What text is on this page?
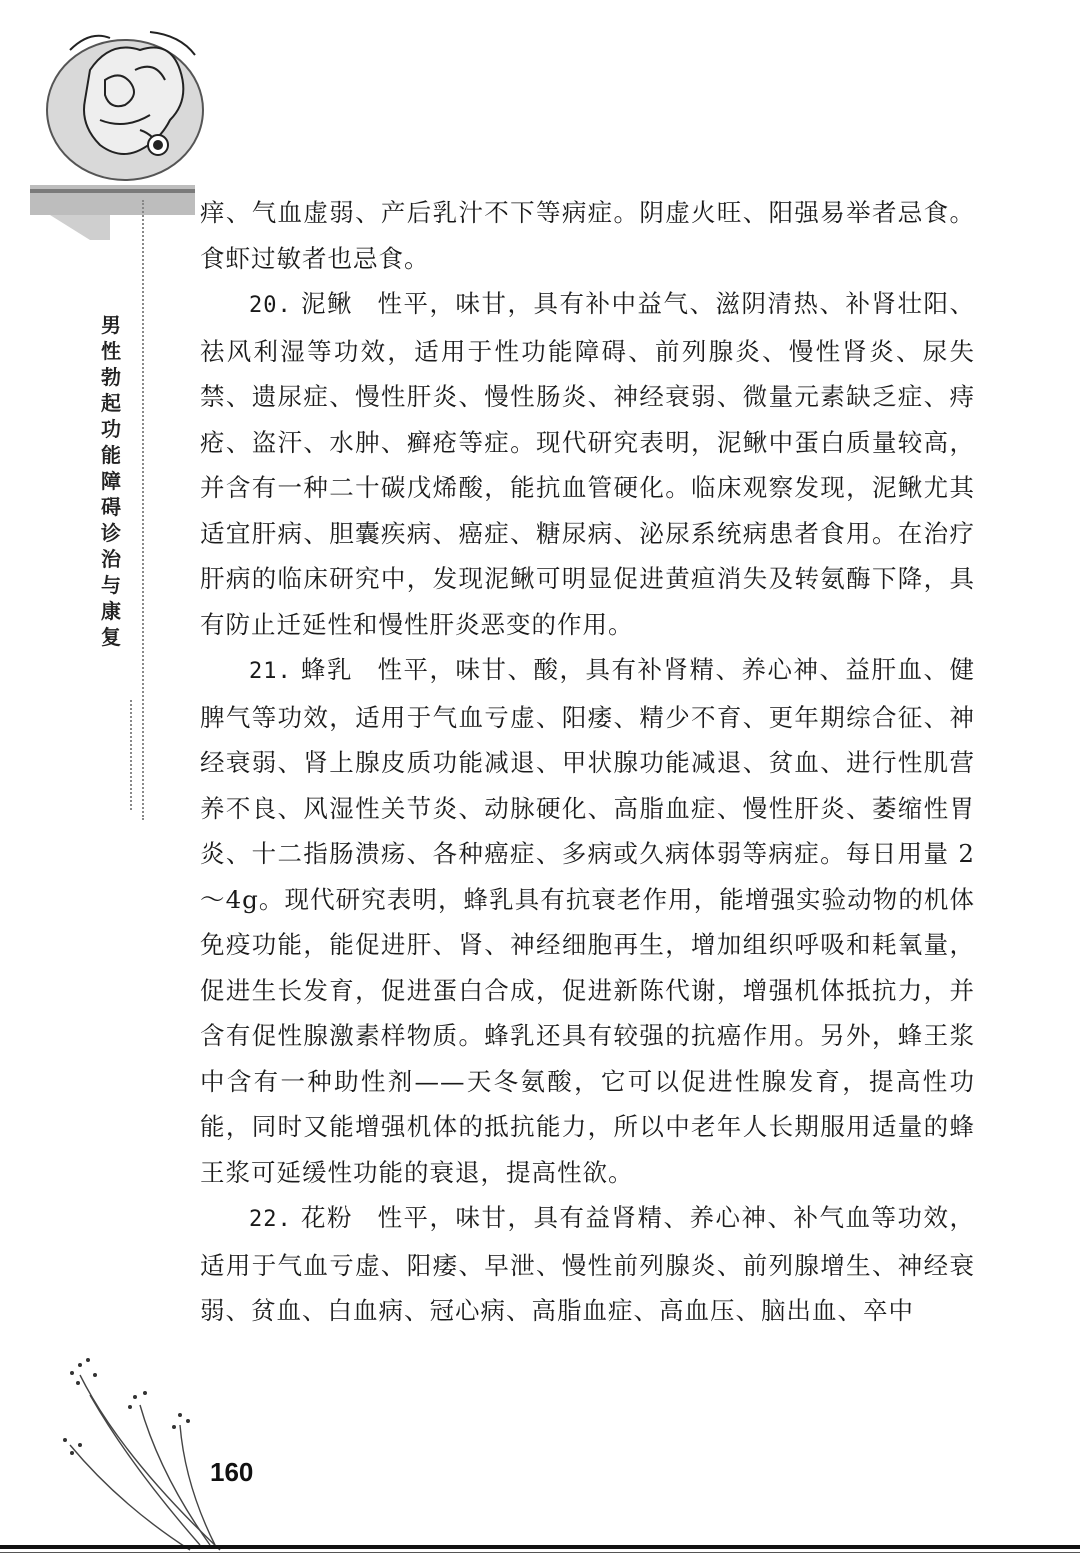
男性勃起功能障碍诊治与康复

痒、气血虚弱、产后乳汁不下等病症。阴虚火旺、阳强易举者忌食。食虾过敏者也忌食。

20. 泥鳅 性平，味甘，具有补中益气、滋阴清热、补肾壮阳、祛风利湿等功效，适用于性功能障碍、前列腺炎、慢性肾炎、尿失禁、遗尿症、慢性肝炎、慢性肠炎、神经衰弱、微量元素缺乏症、痔疮、盗汗、水肿、癣疮等症。现代研究表明，泥鳅中蛋白质量较高，并含有一种二十碳戊烯酸，能抗血管硬化。临床观察发现，泥鳅尤其适宜肝病、胆囊疾病、癌症、糖尿病、泌尿系统病患者食用。在治疗肝病的临床研究中，发现泥鳅可明显促进黄疸消失及转氨酶下降，具有防止迁延性和慢性肝炎恶变的作用。

21. 蜂乳 性平，味甘、酸，具有补肾精、养心神、益肝血、健脾气等功效，适用于气血亏虚、阳痿、精少不育、更年期综合征、神经衰弱、肾上腺皮质功能减退、甲状腺功能减退、贫血、进行性肌营养不良、风湿性关节炎、动脉硬化、高脂血症、慢性肝炎、萎缩性胃炎、十二指肠溃疡、各种癌症、多病或久病体弱等病症。每日用量 2～4g。现代研究表明，蜂乳具有抗衰老作用，能增强实验动物的机体免疫功能，能促进肝、肾、神经细胞再生，增加组织呼吸和耗氧量，促进生长发育，促进蛋白合成，促进新陈代谢，增强机体抵抗力，并含有促性腺激素样物质。蜂乳还具有较强的抗癌作用。另外，蜂王浆中含有一种助性剂——天冬氨酸，它可以促进性腺发育，提高性功能，同时又能增强机体的抵抗能力，所以中老年人长期服用适量的蜂王浆可延缓性功能的衰退，提高性欲。

22. 花粉 性平，味甘，具有益肾精、养心神、补气血等功效，适用于气血亏虚、阳痿、早泄、慢性前列腺炎、前列腺增生、神经衰弱、贫血、白血病、冠心病、高脂血症、高血压、脑出血、卒中

160
